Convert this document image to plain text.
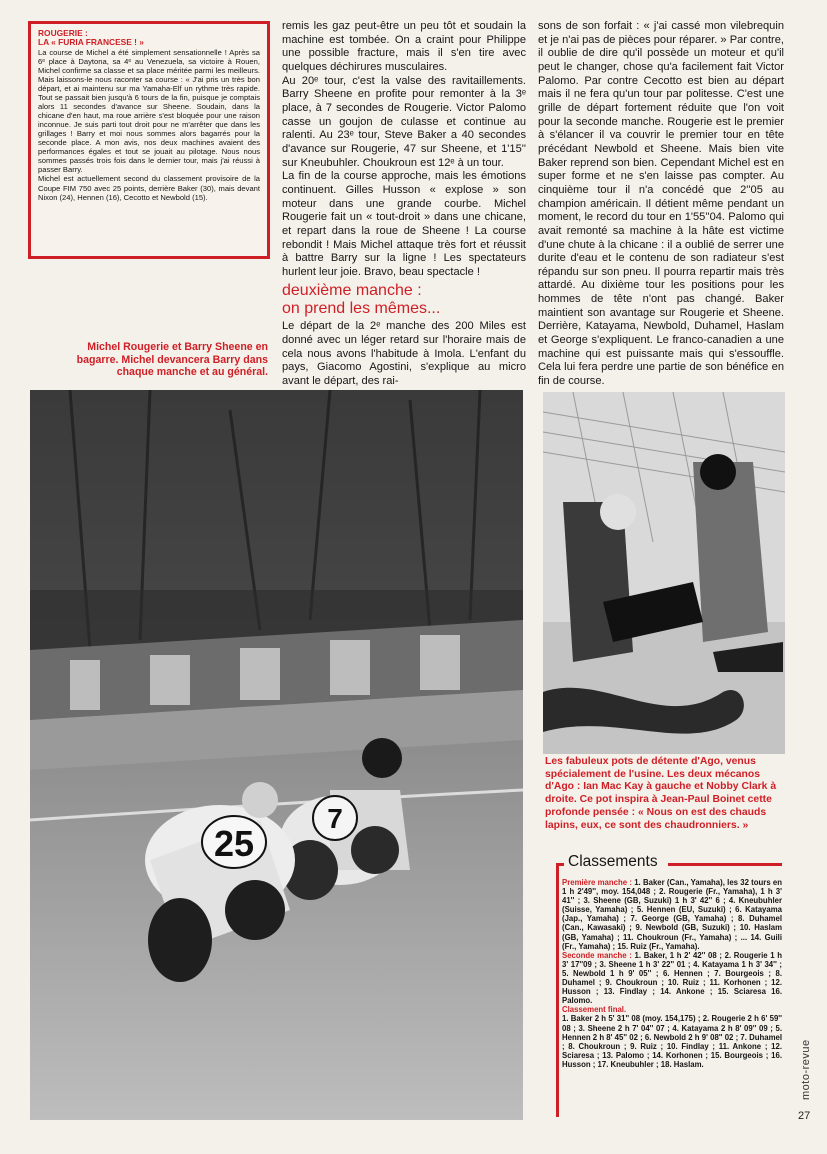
ROUGERIE :
LA « FURIA FRANCESE ! »

La course de Michel a été simplement sensationnelle ! Après sa 6ᵉ place à Daytona, sa 4ᵉ au Venezuela, sa victoire à Rouen, Michel confirme sa classe et sa place méritée parmi les meilleurs. Mais laissons-le nous raconter sa course : « J'ai pris un très bon départ, et ai maintenu sur ma Yamaha-Elf un rythme très rapide. Tout se passait bien jusqu'à 6 tours de la fin, puisque je comptais alors 11 secondes d'avance sur Sheene. Soudain, dans la chicane d'en haut, ma roue arrière s'est bloquée pour une raison inconnue. Je suis parti tout droit pour ne m'arrêter que dans les grillages ! Barry et moi nous sommes alors bagarrés pour la seconde place. A mon avis, nos deux machines avaient des performances égales et tout se jouait au pilotage. Nous nous sommes passés trois fois dans le dernier tour, mais j'ai réussi à passer Barry.

Michel est actuellement second du classement provisoire de la Coupe FIM 750 avec 25 points, derrière Baker (30), mais devant Nixon (24), Hennen (16), Cecotto et Newbold (15).

Michel Rougerie et Barry Sheene en bagarre. Michel devancera Barry dans chaque manche et au général.

remis les gaz peut-être un peu tôt et soudain la machine est tombée. On a craint pour Philippe une possible fracture, mais il s'en tire avec quelques déchirures musculaires.

Au 20ᵉ tour, c'est la valse des ravitaillements. Barry Sheene en profite pour remonter à la 3ᵉ place, à 7 secondes de Rougerie. Victor Palomo casse un goujon de culasse et continue au ralenti. Au 23ᵉ tour, Steve Baker a 40 secondes d'avance sur Rougerie, 47 sur Sheene, et 1'15'' sur Kneubuhler. Choukroun est 12ᵉ à un tour.

La fin de la course approche, mais les émotions continuent. Gilles Husson « explose » son moteur dans une grande courbe. Michel Rougerie fait un « tout-droit » dans une chicane, et repart dans la roue de Sheene ! La course rebondit ! Mais Michel attaque très fort et réussit à battre Barry sur la ligne ! Les spectateurs hurlent leur joie. Bravo, beau spectacle !

deuxième manche :
on prend les mêmes...

Le départ de la 2ᵉ manche des 200 Miles est donné avec un léger retard sur l'horaire mais de cela nous avons l'habitude à Imola. L'enfant du pays, Giacomo Agostini, s'explique au micro avant le départ, des rai-

sons de son forfait : « j'ai cassé mon vilebrequin et je n'ai pas de pièces pour réparer. » Par contre, il oublie de dire qu'il possède un moteur et qu'il peut le changer, chose qu'a facilement fait Victor Palomo. Par contre Cecotto est bien au départ mais il ne fera qu'un tour par politesse. C'est une grille de départ fortement réduite que l'on voit pour la seconde manche. Rougerie est le premier à s'élancer il va couvrir le premier tour en tête précédant Newbold et Sheene. Mais bien vite Baker reprend son bien. Cependant Michel est en super forme et ne s'en laisse pas compter. Au cinquième tour il n'a concédé que 2''05 au champion américain. Il détient même pendant un moment, le record du tour en 1'55''04. Palomo qui avait remonté sa machine à la hâte est victime d'une chute à la chicane : il a oublié de serrer une durite d'eau et le contenu de son radiateur s'est répandu sur son pneu. Il pourra repartir mais très attardé. Au dixième tour les positions pour les hommes de tête n'ont pas changé. Baker maintient son avantage sur Rougerie et Sheene. Derrière, Katayama, Newbold, Duhamel, Haslam et George s'expliquent. Le franco-canadien a une machine qui est puissante mais qui s'essouffle. Cela lui fera perdre une partie de son bénéfice en fin de course.

7
25
Les fabuleux pots de détente d'Ago, venus spécialement de l'usine. Les deux mécanos d'Ago : Ian Mac Kay à gauche et Nobby Clark à droite. Ce pot inspira à Jean-Paul Boinet cette profonde pensée : « Nous on est des chauds lapins, eux, ce sont des chaudronniers. »
Classements

Première manche : 1. Baker (Can., Yamaha), les 32 tours en 1 h 2'49'', moy. 154,048 ; 2. Rougerie (Fr., Yamaha), 1 h 3' 41'' ; 3. Sheene (GB, Suzuki) 1 h 3' 42'' 6 ; 4. Kneubuhler (Suisse, Yamaha) ; 5. Hennen (EU, Suzuki) ; 6. Katayama (Jap., Yamaha) ; 7. George (GB, Yamaha) ; 8. Duhamel (Can., Kawasaki) ; 9. Newbold (GB, Suzuki) ; 10. Haslam (GB, Yamaha) ; 11. Choukroun (Fr., Yamaha) ; ... 14. Guili (Fr., Yamaha) ; 15. Ruiz (Fr., Yamaha).

Seconde manche : 1. Baker, 1 h 2' 42'' 08 ; 2. Rougerie 1 h 3' 17''09 ; 3. Sheene 1 h 3' 22'' 01 ; 4. Katayama 1 h 3' 34'' ; 5. Newbold 1 h 9' 05'' ; 6. Hennen ; 7. Bourgeois ; 8. Duhamel ; 9. Choukroun ; 10. Ruiz ; 11. Korhonen ; 12. Husson ; 13. Findlay ; 14. Ankone ; 15. Sciaresa 16. Palomo.

Classement final.

1. Baker 2 h 5' 31'' 08 (moy. 154,175) ; 2. Rougerie 2 h 6' 59'' 08 ; 3. Sheene 2 h 7' 04'' 07 ; 4. Katayama 2 h 8' 09'' 09 ; 5. Hennen 2 h 8' 45'' 02 ; 6. Newbold 2 h 9' 08'' 02 ; 7. Duhamel ; 8. Choukroun ; 9. Ruiz ; 10. Findlay ; 11. Ankone ; 12. Sciaresa ; 13. Palomo ; 14. Korhonen ; 15. Bourgeois ; 16. Husson ; 17. Kneubuhler ; 18. Haslam.	moto-revue
27
